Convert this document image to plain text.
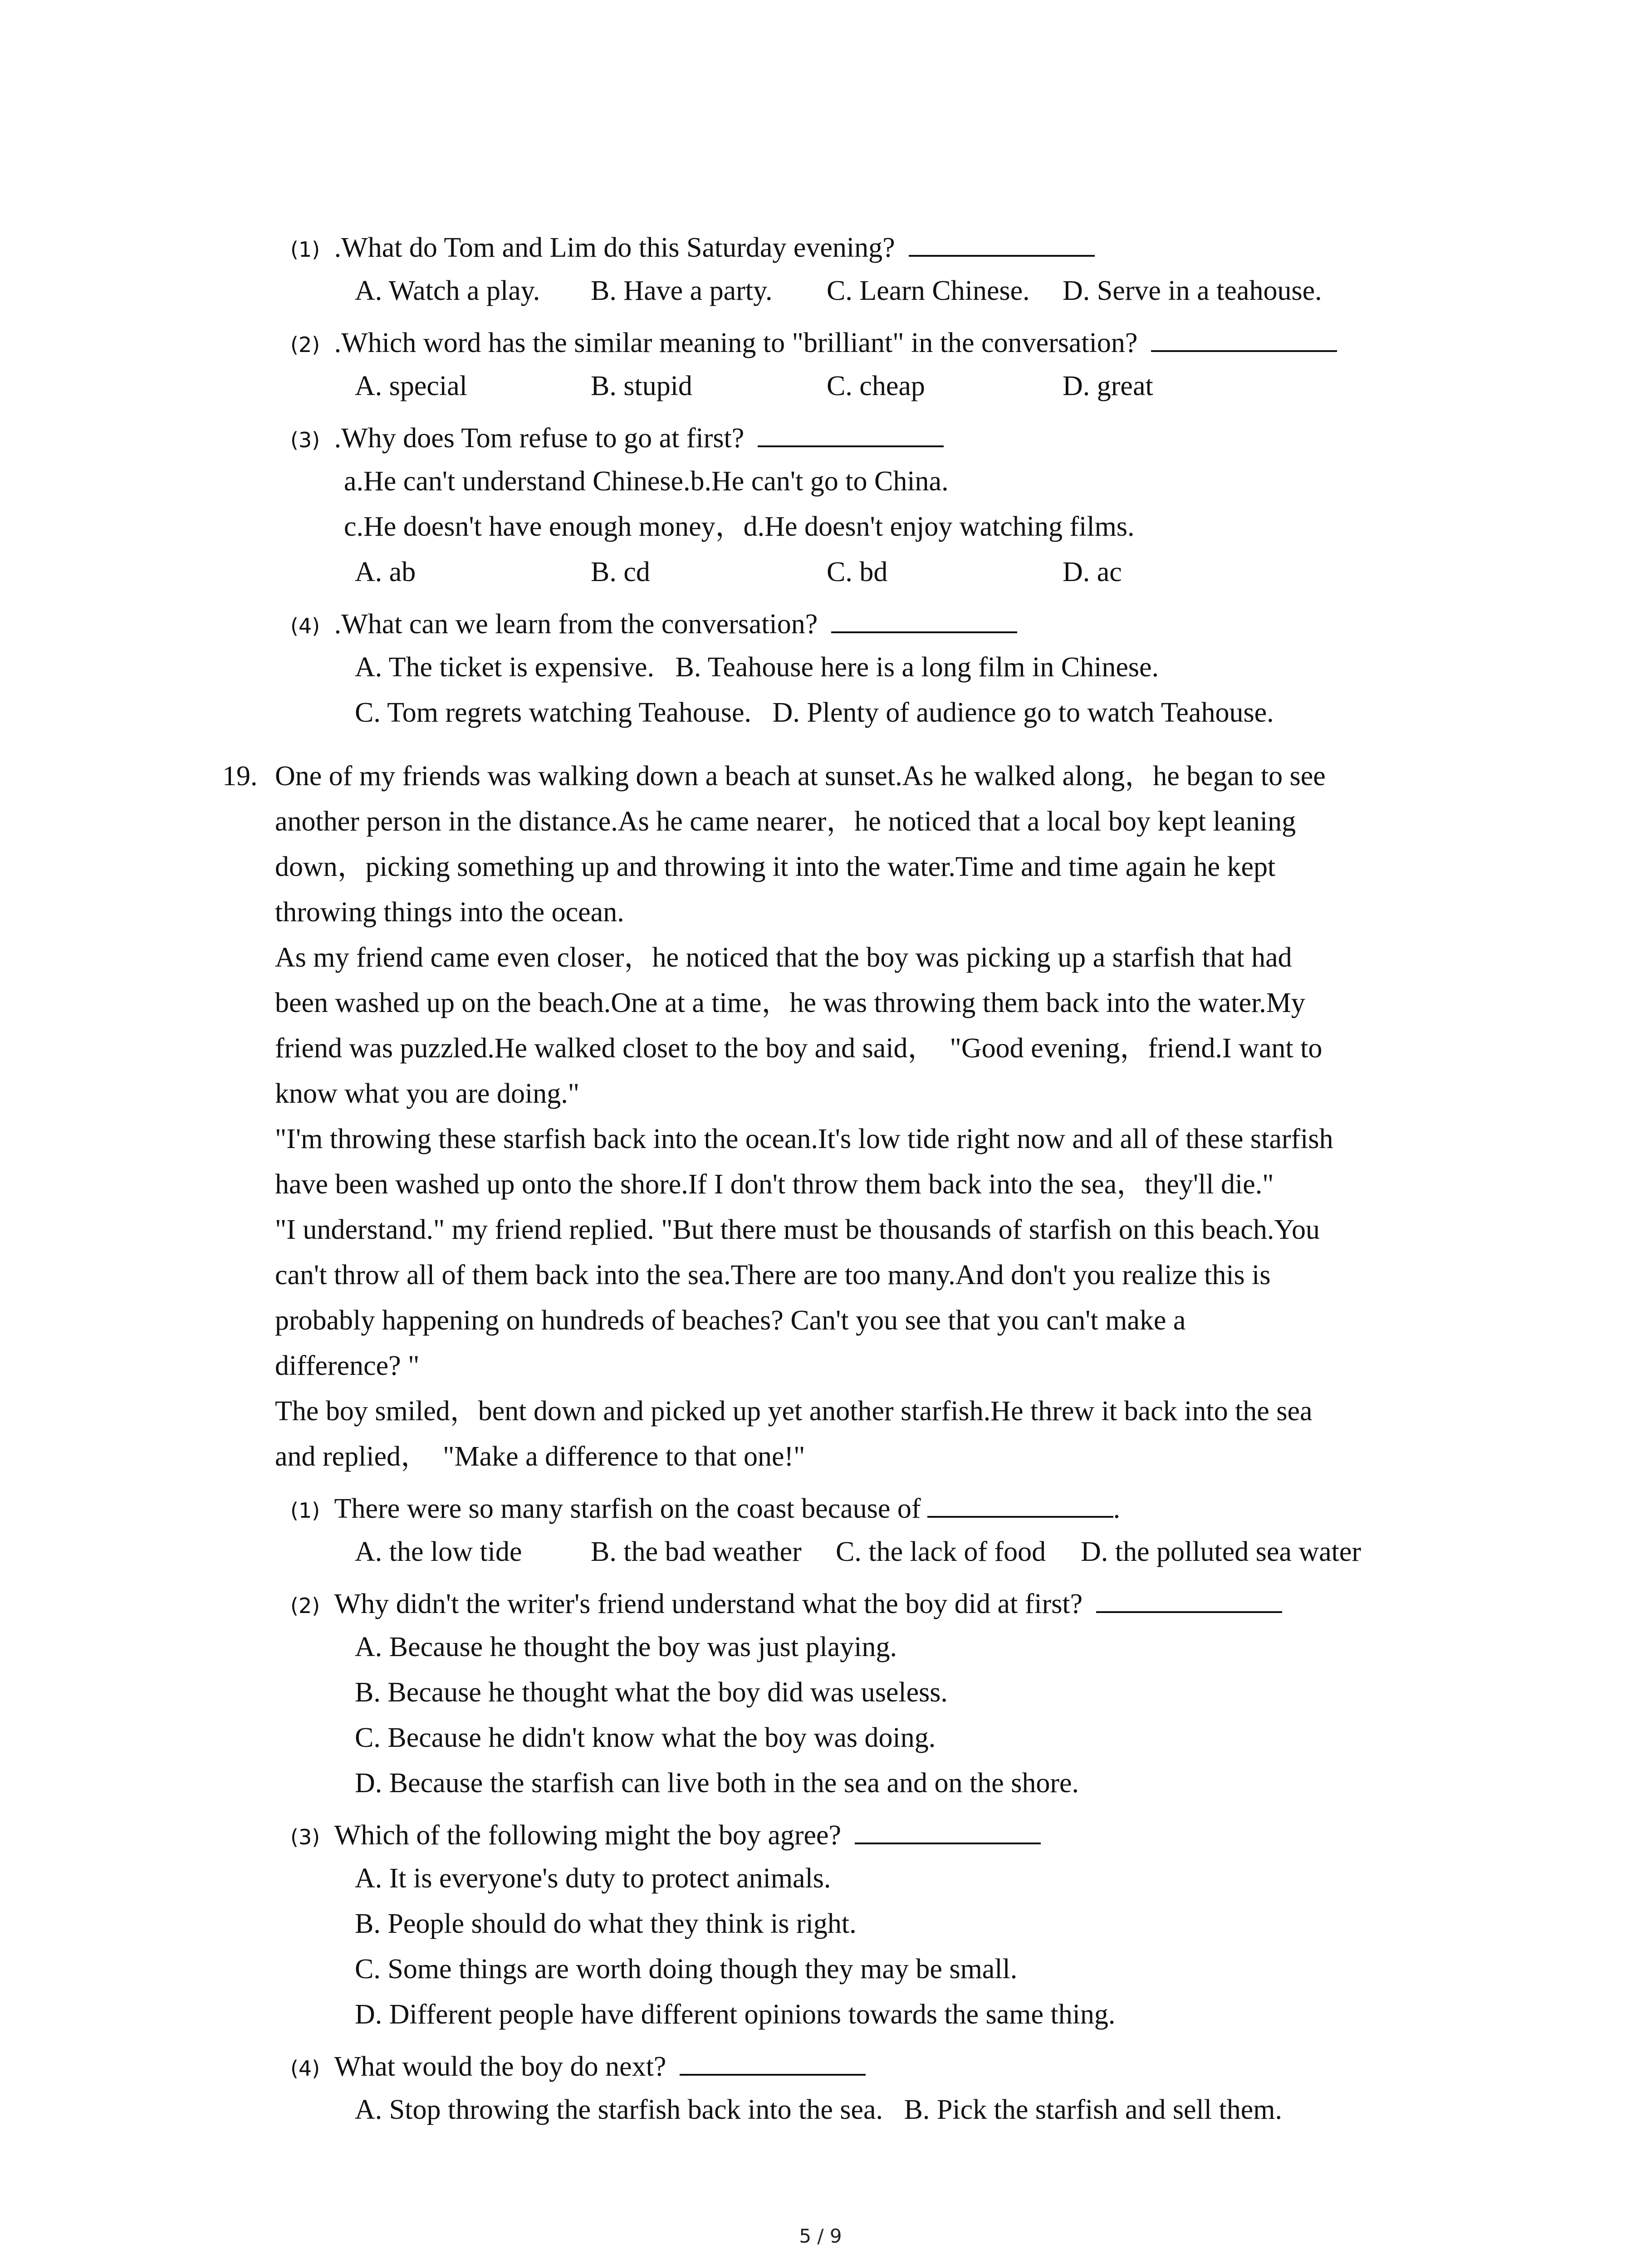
(1) .What do Tom and Lim do this Saturday evening?
A. Watch a play. B. Have a party. C. Learn Chinese. D. Serve in a teahouse.
(2) .Which word has the similar meaning to "brilliant" in the conversation?
A. special	B. stupid	C. cheap	D. great
(3) .Why does Tom refuse to go at first?
a.He can't understand Chinese.b.He can't go to China.
c.He doesn't have enough money，d.He doesn't enjoy watching films.
A. ab	B. cd	C. bd	D. ac
(4) .What can we learn from the conversation?
A. The ticket is expensive.   B. Teahouse here is a long film in Chinese.
C. Tom regrets watching Teahouse.   D. Plenty of audience go to watch Teahouse.
19. One of my friends was walking down a beach at sunset.As he walked along，he began to see
another person in the distance.As he came nearer，he noticed that a local boy kept leaning
down，picking something up and throwing it into the water.Time and time again he kept
throwing things into the ocean.
As my friend came even closer，he noticed that the boy was picking up a starfish that had
been washed up on the beach.One at a time，he was throwing them back into the water.My
friend was puzzled.He walked closet to the boy and said，  "Good evening，friend.I want to
know what you are doing."
"I'm throwing these starfish back into the ocean.It's low tide right now and all of these starfish
have been washed up onto the shore.If I don't throw them back into the sea，they'll die."
"I understand." my friend replied. "But there must be thousands of starfish on this beach.You
can't throw all of them back into the sea.There are too many.And don't you realize this is
probably happening on hundreds of beaches? Can't you see that you can't make a
difference? "
The boy smiled，bent down and picked up yet another starfish.He threw it back into the sea
and replied，  "Make a difference to that one!"
(1) There were so many starfish on the coast because of	.
A. the low tide B. the bad weather C. the lack of food D. the polluted sea water
(2) Why didn't the writer's friend understand what the boy did at first?
A. Because he thought the boy was just playing.
B. Because he thought what the boy did was useless.
C. Because he didn't know what the boy was doing.
D. Because the starfish can live both in the sea and on the shore.
(3) Which of the following might the boy agree?
A. It is everyone's duty to protect animals.
B. People should do what they think is right.
C. Some things are worth doing though they may be small.
D. Different people have different opinions towards the same thing.
(4) What would the boy do next?
A. Stop throwing the starfish back into the sea.   B. Pick the starfish and sell them.
5 / 9
